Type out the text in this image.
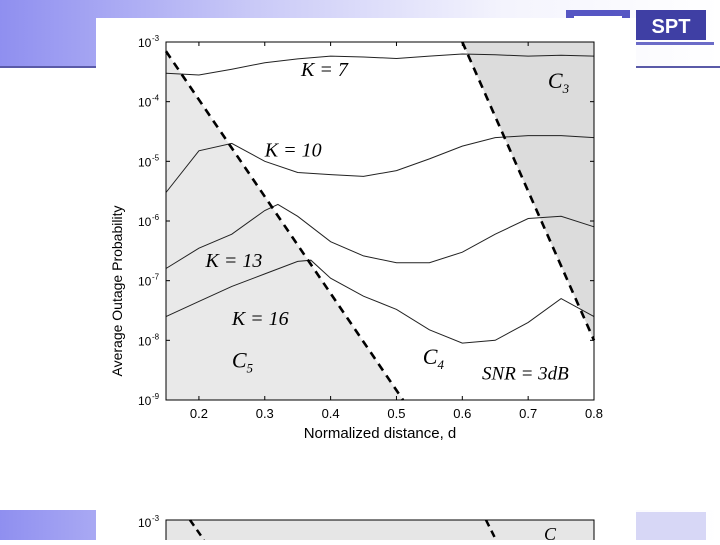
SPT
0.2	0.3	0.4	0.5	0.6	0.7	0.8
10 -3
10 -4
10 -5
10 -6
10 -7
10 -8
10 -9
Normalized distance, d
Average Outage Probability
K = 7
K = 10
K = 13
K = 16
$C_3$
$C_4$
$C_5$	SNR = 3dB
10 -3
C
